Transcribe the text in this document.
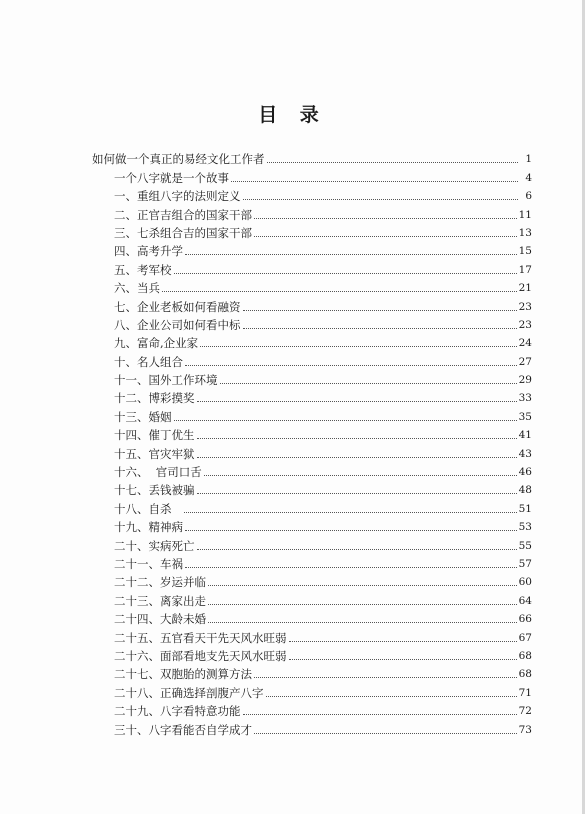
目 录
如何做一个真正的易经文化工作者	1
一个八字就是一个故事	4
一、重组八字的法则定义	6
二、正官吉组合的国家干部	11
三、七杀组合吉的国家干部	13
四、高考升学	15
五、考军校	17
六、当兵	21
七、企业老板如何看融资	23
八、企业公司如何看中标	23
九、富命,企业家	24
十、名人组合	27
十一、国外工作环境	29
十二、博彩摸奖	33
十三、婚姻	35
十四、催丁优生	41
十五、官灾牢狱	43
十六、  官司口舌	46
十七、丢钱被骗	48
十八、自杀	51
十九、精神病	53
二十、实病死亡	55
二十一、车祸	57
二十二、岁运并临	60
二十三、离家出走	64
二十四、大龄未婚	66
二十五、五官看天干先天风水旺弱	67
二十六、面部看地支先天风水旺弱	68
二十七、双胞胎的测算方法	68
二十八、正确选择剖腹产八字	71
二十九、八字看特意功能	72
三十、八字看能否自学成才	73
